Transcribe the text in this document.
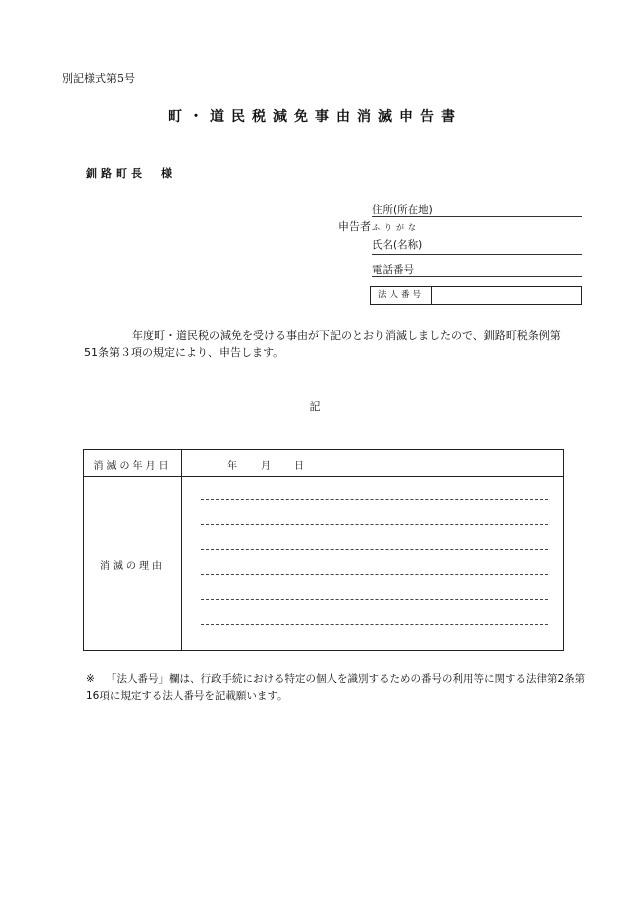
別記様式第5号
町・道民税減免事由消滅申告書
釧路町長　様
申告者
住所(所在地)
ふりがな
氏名(名称)
電話番号
法人番号
年度町・道民税の減免を受ける事由が下記のとおり消滅しましたので、釧路町税条例第51条第３項の規定により、申告します。
記
消滅の年月日	年 月 日
消滅の理由
※ 「法人番号」欄は、行政手続における特定の個人を識別するための番号の利用等に関する法律第2条第16項に規定する法人番号を記載願います。
